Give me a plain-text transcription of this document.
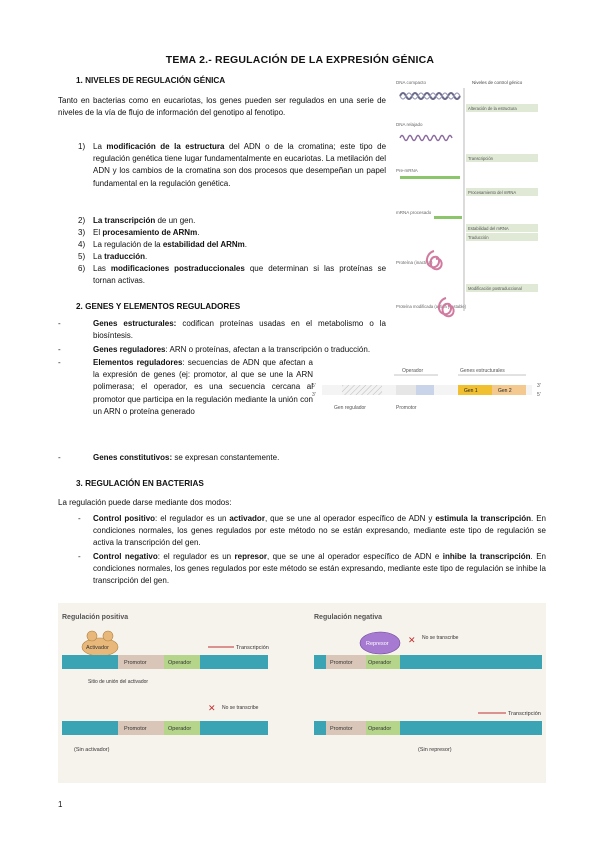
TEMA 2.- REGULACIÓN DE LA EXPRESIÓN GÉNICA
1. NIVELES DE REGULACIÓN GÉNICA
Tanto en bacterias como en eucariotas, los genes pueden ser regulados en una serie de niveles de la vía de flujo de información del genotipo al fenotipo.
1) La modificación de la estructura del ADN o de la cromatina; este tipo de regulación genética tiene lugar fundamentalmente en eucariotas. La metilación del ADN y los cambios de la cromatina son dos procesos que desempeñan un papel fundamental en la regulación genética.
2) La transcripción de un gen.
3) El procesamiento de ARNm.
4) La regulación de la estabilidad del ARNm.
5) La traducción.
6) Las modificaciones postraduccionales que determinan si las proteínas se tornan activas.
DNA compacto	Niveles de control génico
Alteración de la estructura
DNA relajado
Transcripción
Pre-mRNA
Procesamiento del mRNA
mRNA procesado
Estabilidad del mRNA
Traducción
Proteína (inactiva)
Modificación postraduccional
Proteína modificada (activa y estable)
2. GENES Y ELEMENTOS REGULADORES
-	Genes estructurales: codifican proteínas usadas en el metabolismo o la biosíntesis.
-	Genes reguladores: ARN o proteínas, afectan a la transcripción o traducción.
-	Elementos reguladores: secuencias de ADN que afectan a la expresión de genes (ej: promotor, al que se une la ARN polimerasa; el operador, es una secuencia cercana al promotor que participa en la regulación mediante la unión con un ARN o proteína generado
-	Genes constitutivos: se expresan constantemente.
Operador	Genes estructurales
5'
3'
3'
5'
Gen 1	Gen 2
Gen regulador	Promotor
3. REGULACIÓN EN BACTERIAS
La regulación puede darse mediante dos modos:
- Control positivo: el regulador es un activador, que se une al operador específico de ADN y estimula la transcripción. En condiciones normales, los genes regulados por este método no se están expresando, mediante este tipo de regulación se activa la transcripción del gen.
- Control negativo: el regulador es un represor, que se une al operador específico de ADN e inhibe la transcripción. En condiciones normales, los genes regulados por este método se están expresando, mediante este tipo de regulación se inhibe la transcripción del gen.
Regulación positiva
Activador
Promotor	Operador
Transcripción
Sitio de unión del activador
Promotor	Operador
✕ No se transcribe
(Sin activador)
Regulación negativa
Represor
Promotor	Operador
✕ No se transcribe
Promotor	Operador
Transcripción
(Sin represor)
1
